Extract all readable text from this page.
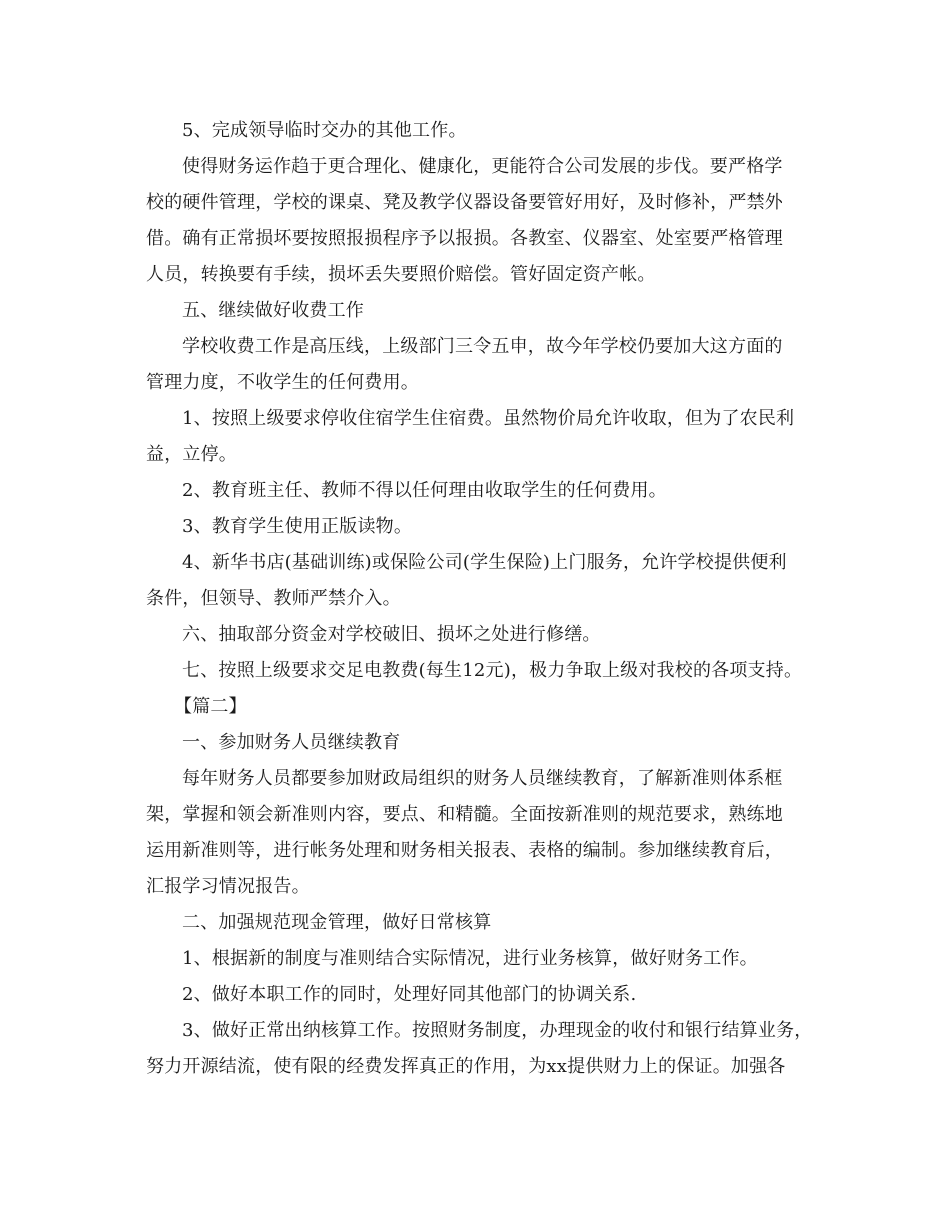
5、完成领导临时交办的其他工作。

使得财务运作趋于更合理化、健康化，更能符合公司发展的步伐。要严格学
校的硬件管理，学校的课桌、凳及教学仪器设备要管好用好，及时修补，严禁外
借。确有正常损坏要按照报损程序予以报损。各教室、仪器室、处室要严格管理
人员，转换要有手续，损坏丢失要照价赔偿。管好固定资产帐。

五、继续做好收费工作

学校收费工作是高压线，上级部门三令五申，故今年学校仍要加大这方面的
管理力度，不收学生的任何费用。

1、按照上级要求停收住宿学生住宿费。虽然物价局允许收取，但为了农民利
益，立停。

2、教育班主任、教师不得以任何理由收取学生的任何费用。

3、教育学生使用正版读物。

4、新华书店(基础训练)或保险公司(学生保险)上门服务，允许学校提供便利
条件，但领导、教师严禁介入。

六、抽取部分资金对学校破旧、损坏之处进行修缮。

七、按照上级要求交足电教费(每生12元)，极力争取上级对我校的各项支持。

【篇二】

一、参加财务人员继续教育

每年财务人员都要参加财政局组织的财务人员继续教育，了解新准则体系框
架，掌握和领会新准则内容，要点、和精髓。全面按新准则的规范要求，熟练地
运用新准则等，进行帐务处理和财务相关报表、表格的编制。参加继续教育后，
汇报学习情况报告。

二、加强规范现金管理，做好日常核算

1、根据新的制度与准则结合实际情况，进行业务核算，做好财务工作。

2、做好本职工作的同时，处理好同其他部门的协调关系.

3、做好正常出纳核算工作。按照财务制度，办理现金的收付和银行结算业务，
努力开源结流，使有限的经费发挥真正的作用，为xx提供财力上的保证。加强各
